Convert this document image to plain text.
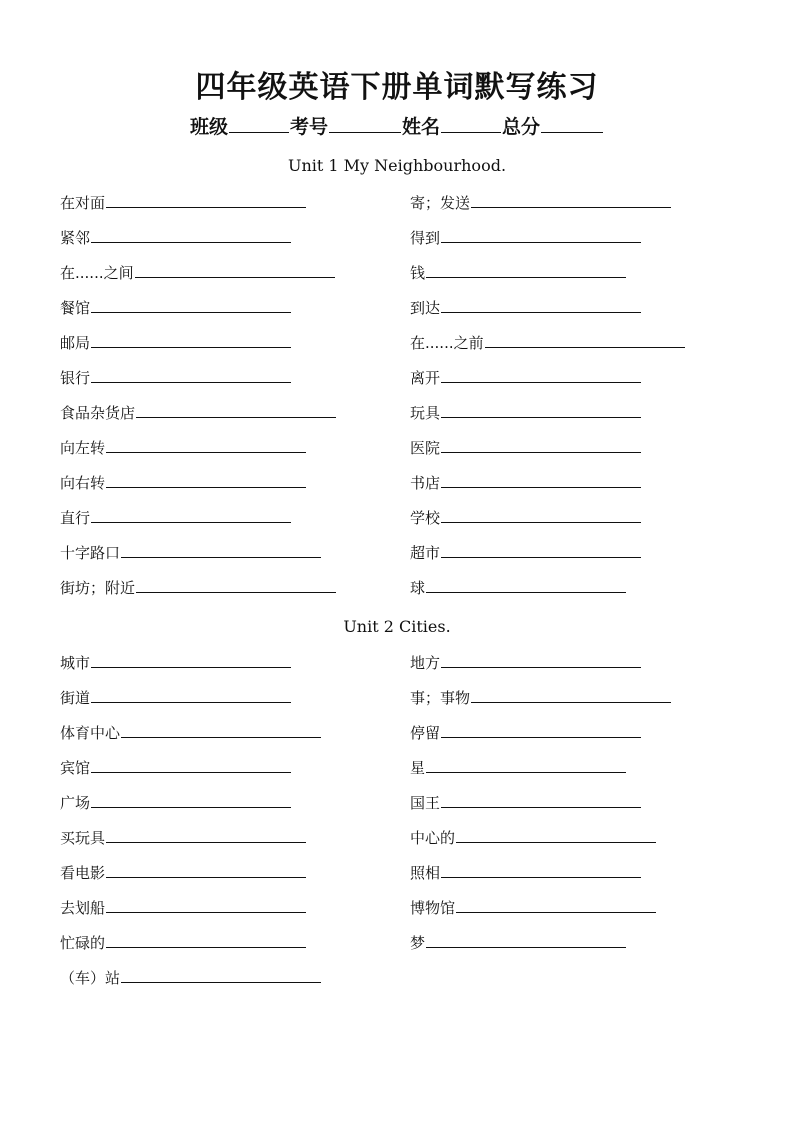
四年级英语下册单词默写练习
班级	考号	姓名	总分
Unit 1 My Neighbourhood.
在对面
紧邻
在......之间
餐馆
邮局
银行
食品杂货店
向左转
向右转
直行
十字路口
街坊；附近
寄；发送
得到
钱
到达
在......之前
离开
玩具
医院
书店
学校
超市
球
Unit 2 Cities.
城市
街道
体育中心
宾馆
广场
买玩具
看电影
去划船
忙碌的
（车）站
地方
事；事物
停留
星
国王
中心的
照相
博物馆
梦
